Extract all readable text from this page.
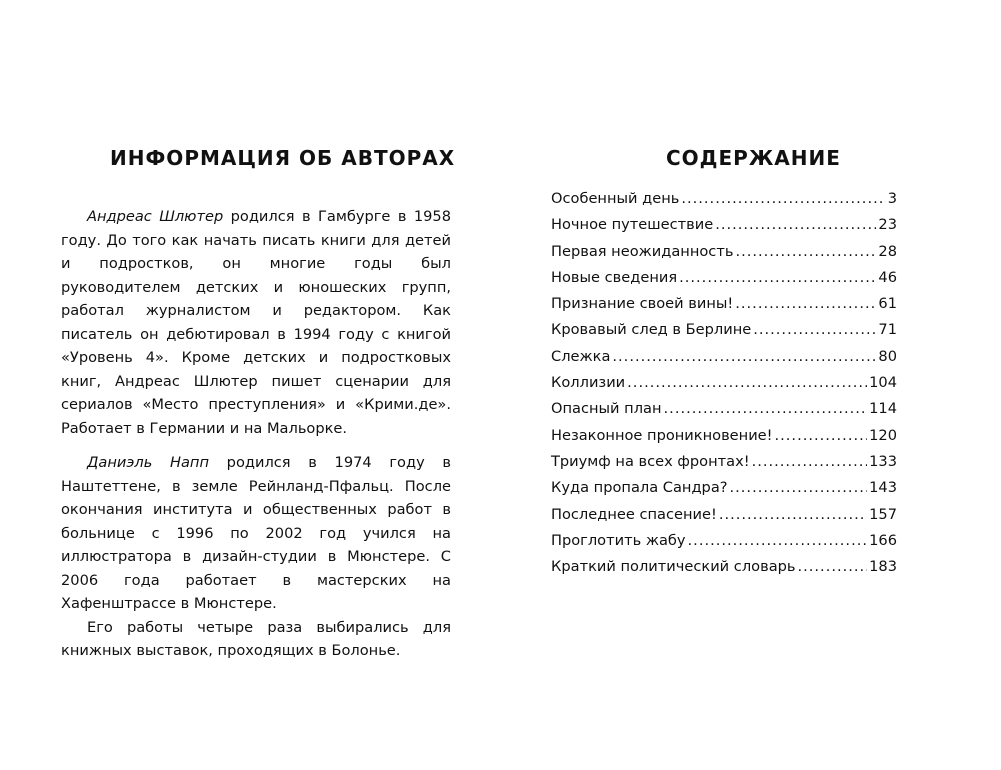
ИНФОРМАЦИЯ ОБ АВТОРАХ

Андреас Шлютер родился в Гамбурге в 1958 году. До того как начать писать книги для детей и подростков, он многие годы был руководителем детских и юношеских групп, работал журналистом и редактором. Как писатель он дебютировал в 1994 году с книгой «Уровень 4». Кроме детских и подростковых книг, Андреас Шлютер пишет сценарии для сериалов «Место преступления» и «Крими.де». Работает в Германии и на Мальорке.

Даниэль Напп родился в 1974 году в Наштеттене, в земле Рейнланд-Пфальц. После окончания института и общественных работ в больнице с 1996 по 2002 год учился на иллюстратора в дизайн-студии в Мюнстере. С 2006 года работает в мастерских на Хафенштрассе в Мюнстере.

Его работы четыре раза выбирались для книжных выставок, проходящих в Болонье.

СОДЕРЖАНИЕ
Особенный день .....	3
Ночное путешествие .....	23
Первая неожиданность .....	28
Новые сведения .....	46
Признание своей вины! .....	61
Кровавый след в Берлине .....	71
Слежка .....	80
Коллизии .....	104
Опасный план .....	114
Незаконное проникновение! .....	120
Триумф на всех фронтах! .....	133
Куда пропала Сандра? .....	143
Последнее спасение! .....	157
Проглотить жабу .....	166
Краткий политический словарь .....	183
